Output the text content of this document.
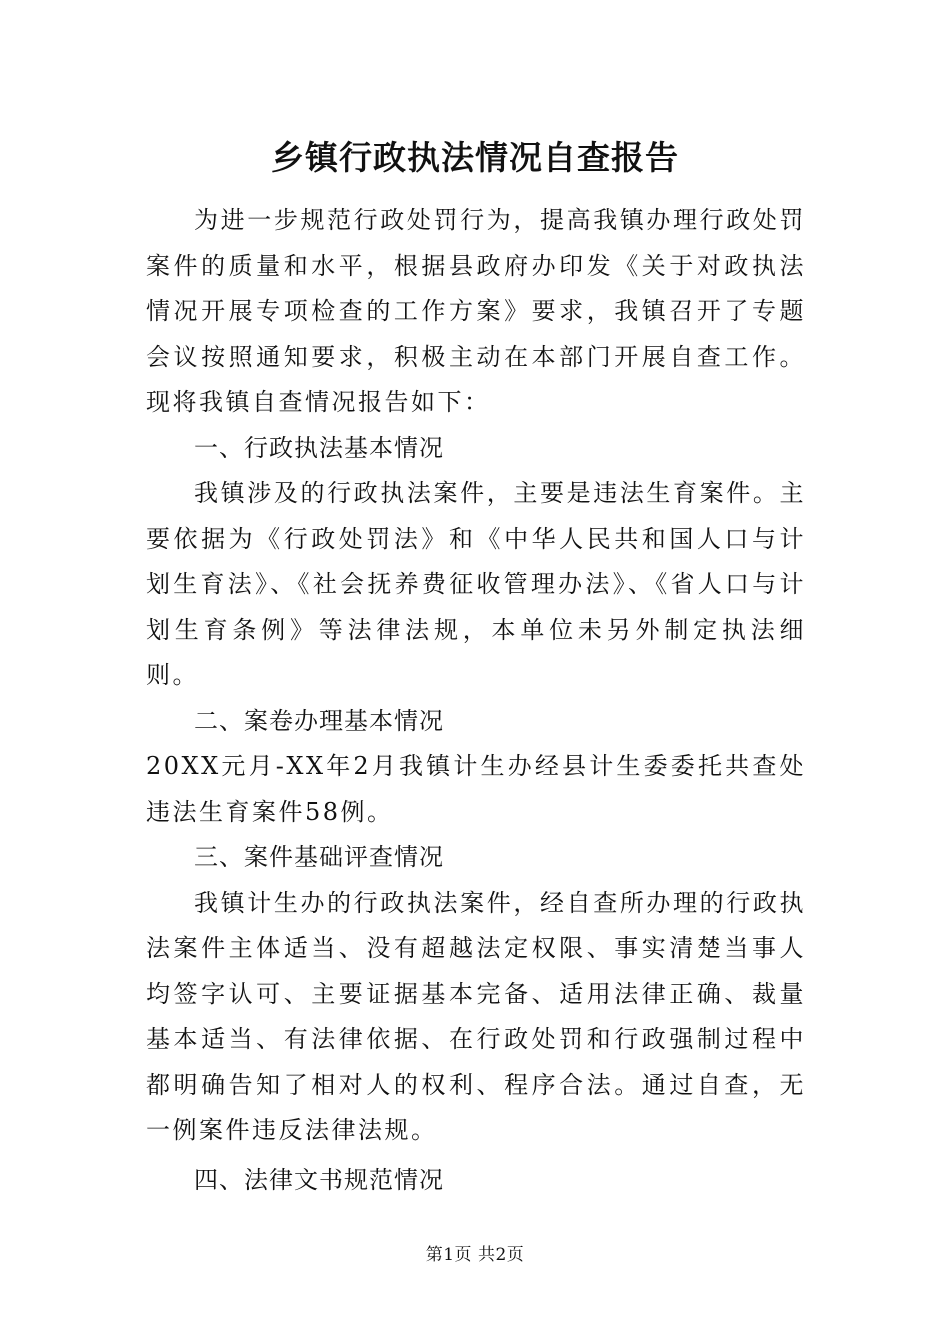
乡镇行政执法情况自查报告

为进一步规范行政处罚行为，提高我镇办理行政处罚案件的质量和水平，根据县政府办印发《关于对政执法情况开展专项检查的工作方案》要求，我镇召开了专题会议按照通知要求，积极主动在本部门开展自查工作。现将我镇自查情况报告如下：

一、行政执法基本情况

我镇涉及的行政执法案件，主要是违法生育案件。主要依据为《行政处罚法》和《中华人民共和国人口与计划生育法》、《社会抚养费征收管理办法》、《省人口与计划生育条例》等法律法规，本单位未另外制定执法细则。

二、案卷办理基本情况

20XX元月-XX年2月我镇计生办经县计生委委托共查处违法生育案件58例。

三、案件基础评查情况

我镇计生办的行政执法案件，经自查所办理的行政执法案件主体适当、没有超越法定权限、事实清楚当事人均签字认可、主要证据基本完备、适用法律正确、裁量基本适当、有法律依据、在行政处罚和行政强制过程中都明确告知了相对人的权利、程序合法。通过自查，无一例案件违反法律法规。

四、法律文书规范情况

第1页 共2页
